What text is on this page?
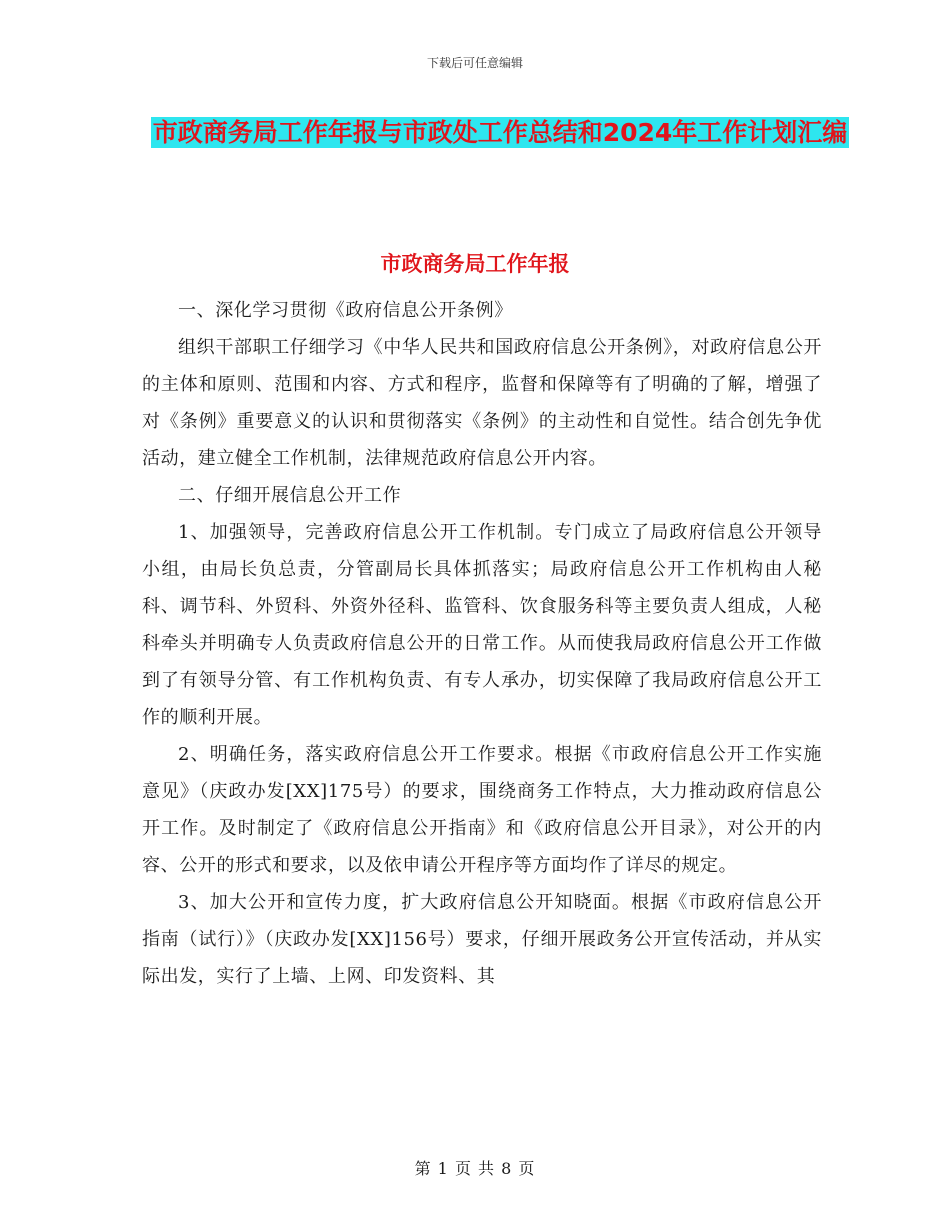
下载后可任意编辑
市政商务局工作年报与市政处工作总结和2024年工作计划汇编
市政商务局工作年报

一、深化学习贯彻《政府信息公开条例》

组织干部职工仔细学习《中华人民共和国政府信息公开条例》，对政府信息公开的主体和原则、范围和内容、方式和程序，监督和保障等有了明确的了解，增强了对《条例》重要意义的认识和贯彻落实《条例》的主动性和自觉性。结合创先争优活动，建立健全工作机制，法律规范政府信息公开内容。

二、仔细开展信息公开工作

1、加强领导，完善政府信息公开工作机制。专门成立了局政府信息公开领导小组，由局长负总责，分管副局长具体抓落实；局政府信息公开工作机构由人秘科、调节科、外贸科、外资外径科、监管科、饮食服务科等主要负责人组成，人秘科牵头并明确专人负责政府信息公开的日常工作。从而使我局政府信息公开工作做到了有领导分管、有工作机构负责、有专人承办，切实保障了我局政府信息公开工作的顺利开展。

2、明确任务，落实政府信息公开工作要求。根据《市政府信息公开工作实施意见》（庆政办发[XX]175号）的要求，围绕商务工作特点，大力推动政府信息公开工作。及时制定了《政府信息公开指南》和《政府信息公开目录》，对公开的内容、公开的形式和要求，以及依申请公开程序等方面均作了详尽的规定。

3、加大公开和宣传力度，扩大政府信息公开知晓面。根据《市政府信息公开指南（试行）》（庆政办发[XX]156号）要求，仔细开展政务公开宣传活动，并从实际出发，实行了上墙、上网、印发资料、其

第 1 页 共 8 页
